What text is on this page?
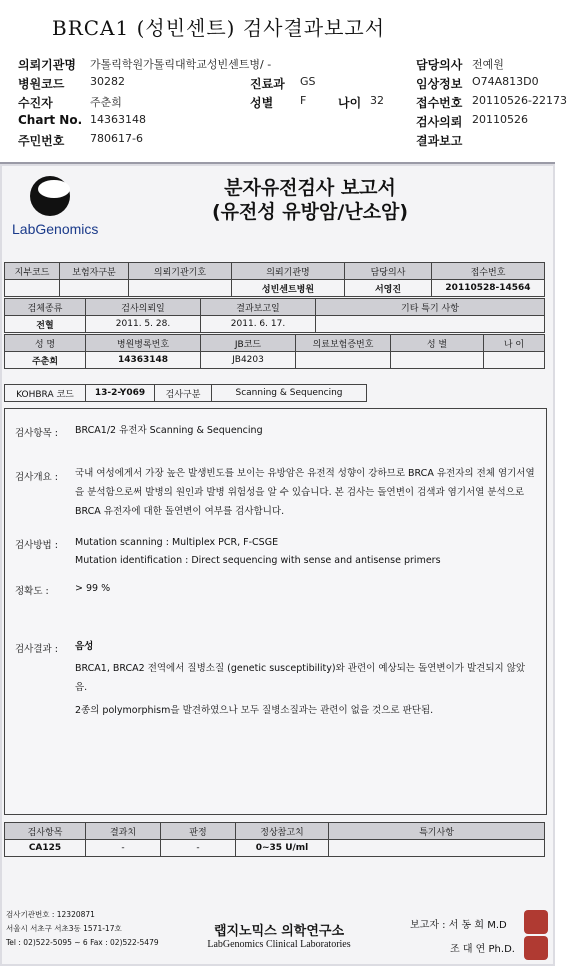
BRCA1 (성빈센트) 검사결과보고서
의뢰기관명 가톨릭학원가톨릭대학교성빈센트병/ -	담당의사 전예원
병원코드 30282	진료과 GS	임상정보 O74A813D0
수진자	주춘희	성별 F	나이 32	접수번호 20110526-22173
Chart No. 14363148	검사의뢰 20110526
주민번호 780617-6	결과보고
LabGenomics
분자유전검사 보고서
(유전성 유방암/난소암)
지부코드	보험자구분	의뢰기관기호	의뢰기관명	담당의사	접수번호
			성빈센트병원	서영진	20110528-14564
검체종류	검사의뢰일	결과보고일	기타 특기 사항
전혈	2011. 5. 28.	2011. 6. 17.	
성 명	병원병록번호	JB코드	의료보험증번호	성 별	나 이
주춘희	14363148	JB4203			
KOHBRA 코드	13-2-Y069	검사구분	Scanning & Sequencing
검사항목 : BRCA1/2 유전자 Scanning & Sequencing
검사개요 : 국내 여성에게서 가장 높은 발생빈도를 보이는 유방암은 유전적 성향이 강하므로 BRCA 유전자의 전체 염기서열을 분석함으로써 발병의 원인과 발병 위험성을 알 수 있습니다. 본 검사는 돌연변이 검색과 염기서열 분석으로 BRCA 유전자에 대한 돌연변이 여부를 검사합니다.
검사방법 : Mutation scanning : Multiplex PCR, F-CSGE
Mutation identification : Direct sequencing with sense and antisense primers
정확도 :	> 99 %
검사결과 : 음성
BRCA1, BRCA2 전역에서 질병소질 (genetic susceptibility)와 관련이 예상되는 돌연변이가 발견되지 않았음.
2종의 polymorphism을 발견하였으나 모두 질병소질과는 관련이 없을 것으로 판단됨.
검사항목	결과치	판정	정상참고치	특기사항
CA125	-	-	0~35 U/ml	
검사기관번호 : 12320871
서울시 서초구 서초3동 1571-17호
Tel : 02)522-5095 ~ 6 Fax : 02)522-5479
랩지노믹스 의학연구소
LabGenomics Clinical Laboratories
보고자 : 서 동 희 M.D
조 대 연 Ph.D.
